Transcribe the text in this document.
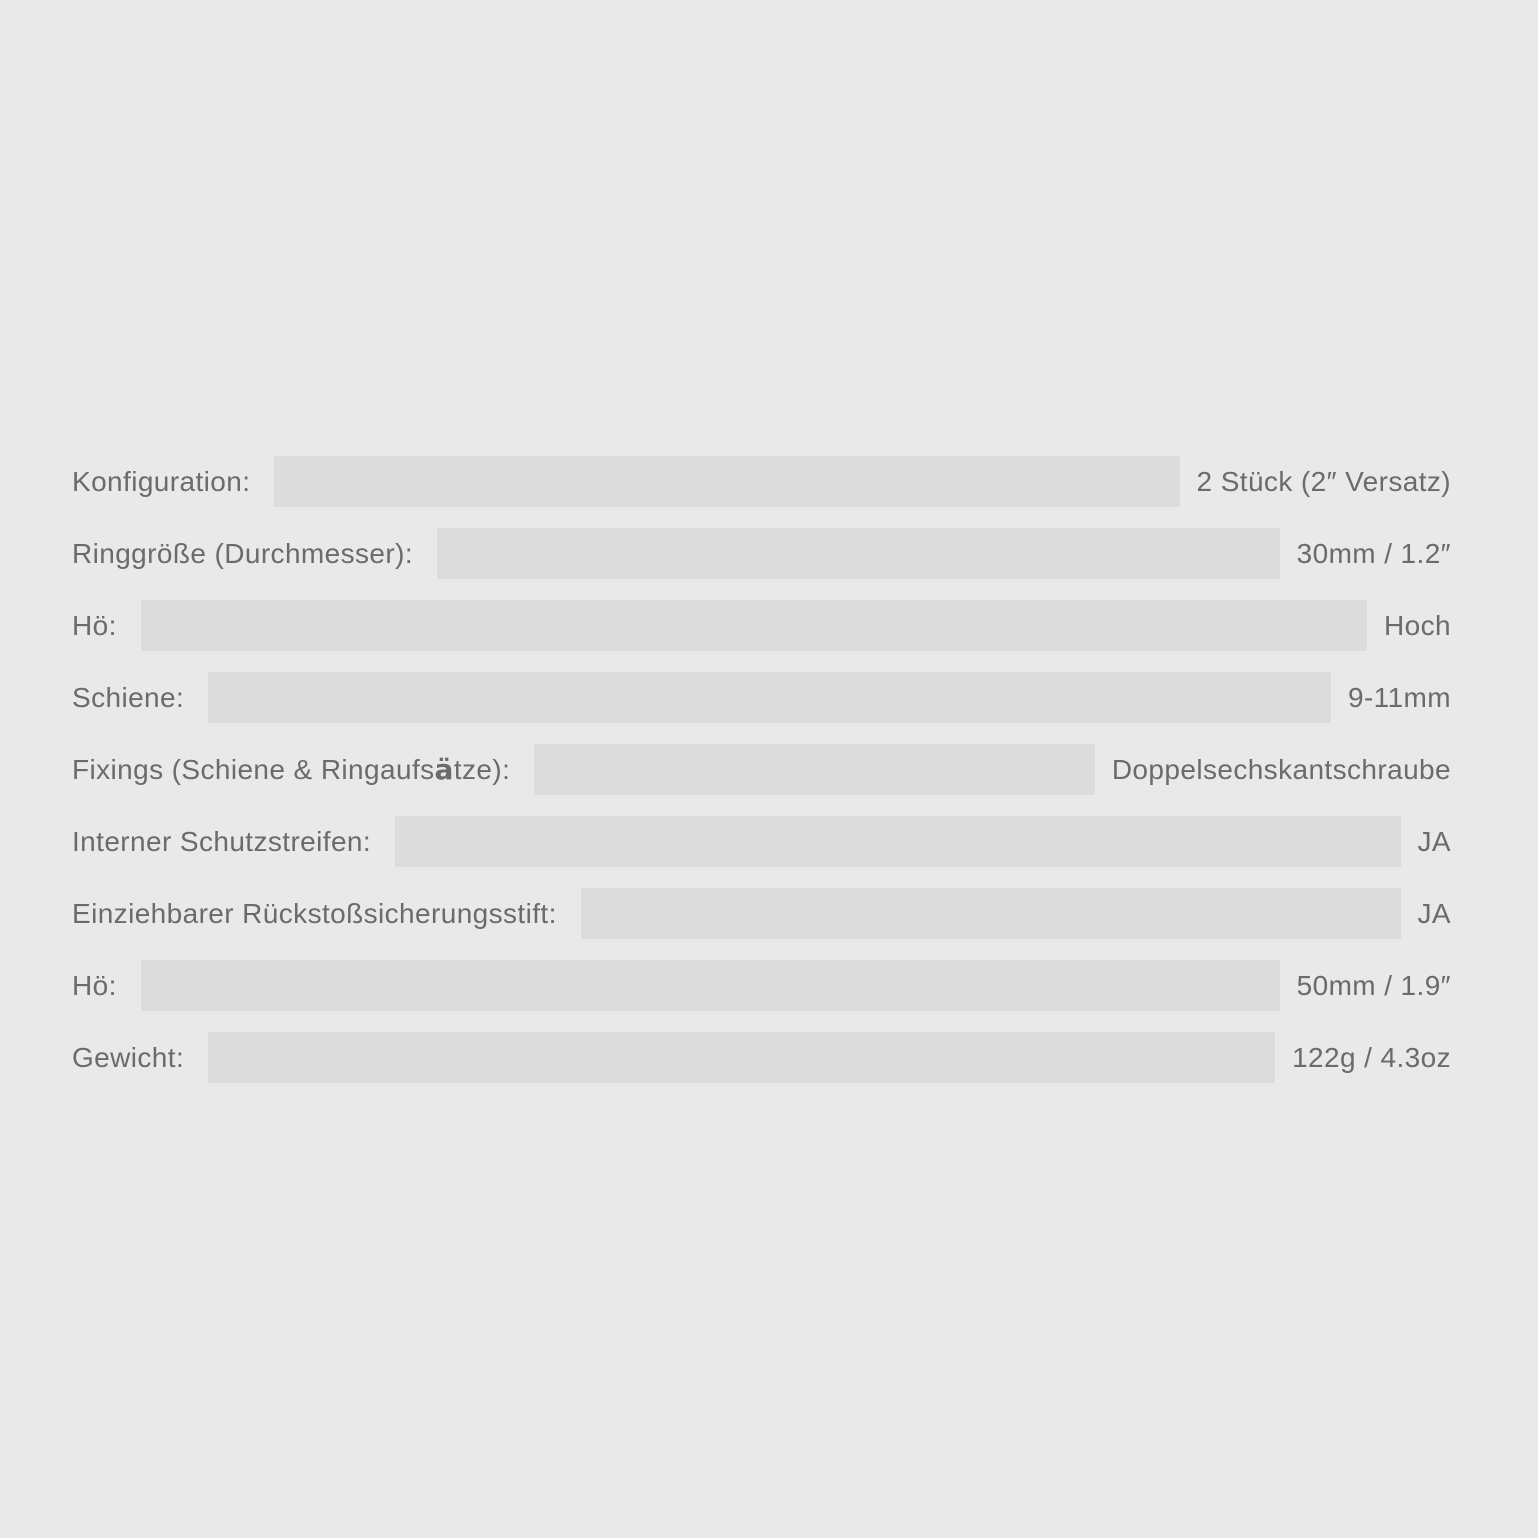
Konfiguration:	2 Stück (2″ Versatz)
Ringgröße (Durchmesser):	30mm / 1.2″
Hö:	Hoch
Schiene:	9-11mm
Fixings (Schiene & Ringaufsätze):	Doppelsechskantschraube
Interner Schutzstreifen:	JA
Einziehbarer Rückstoßsicherungsstift:	JA
Hö:	50mm / 1.9″
Gewicht:	122g / 4.3oz
